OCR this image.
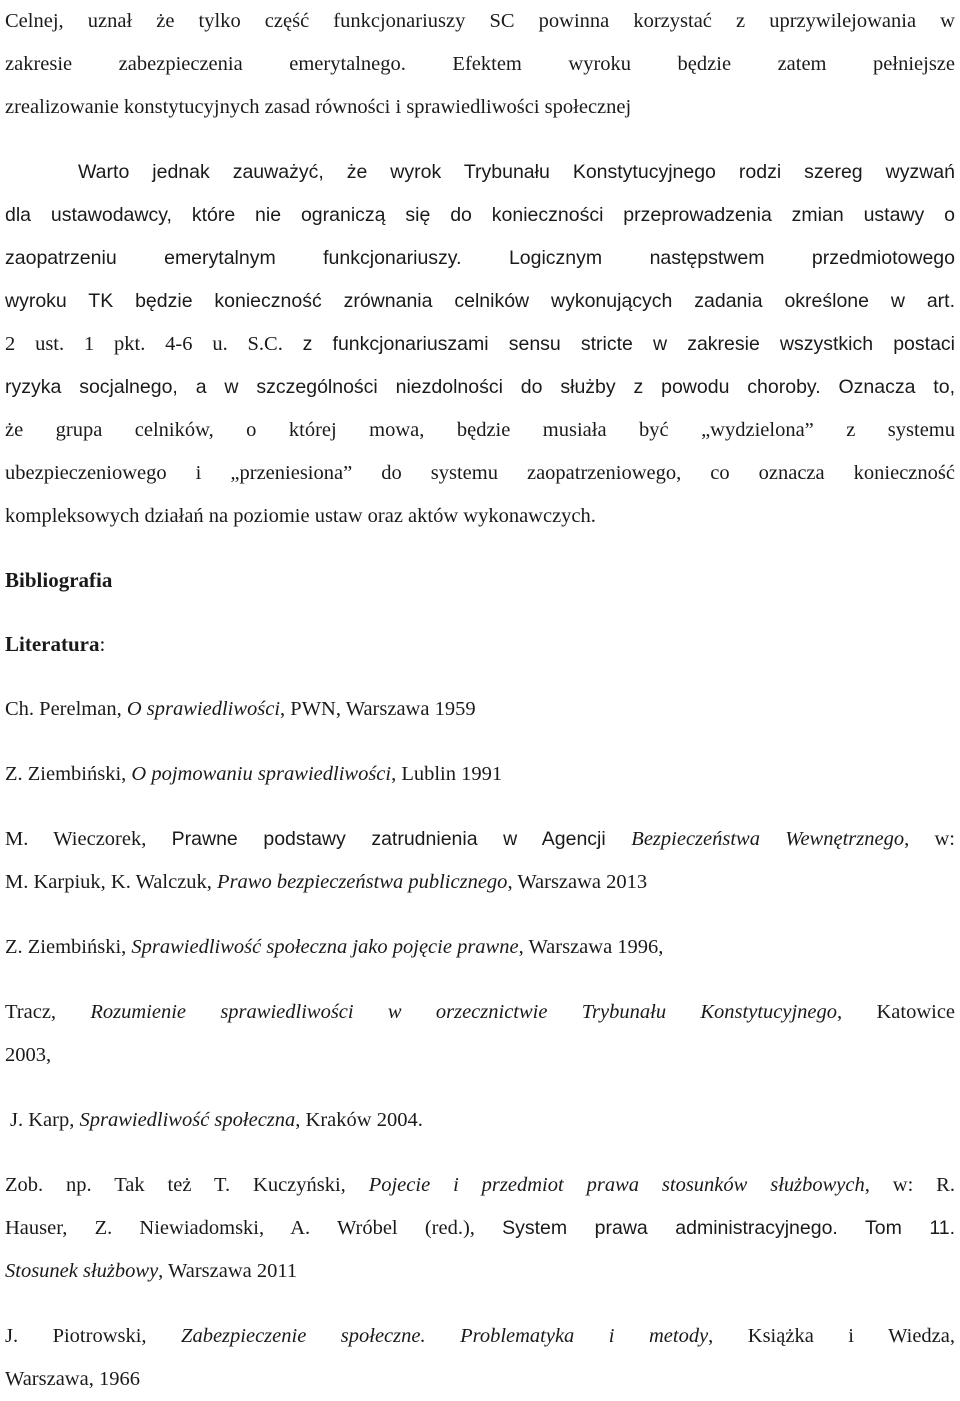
Celnej, uznał że tylko część funkcjonariuszy SC powinna korzystać z uprzywilejowania w
zakresie zabezpieczenia emerytalnego. Efektem wyroku będzie zatem pełniejsze
zrealizowanie konstytucyjnych zasad równości i sprawiedliwości społecznej
Warto jednak zauważyć, że wyrok Trybunału Konstytucyjnego rodzi szereg wyzwań
dla ustawodawcy, które nie ograniczą się do konieczności przeprowadzenia zmian ustawy o
zaopatrzeniu emerytalnym funkcjonariuszy. Logicznym następstwem przedmiotowego
wyroku TK będzie konieczność zrównania celników wykonujących zadania określone w art.
2 ust. 1 pkt. 4-6 u. S.C. z funkcjonariuszami sensu stricte w zakresie wszystkich postaci
ryzyka socjalnego, a w szczególności niezdolności do służby z powodu choroby. Oznacza to,
że grupa celników, o której mowa, będzie musiała być „wydzielona” z systemu
ubezpieczeniowego i „przeniesiona” do systemu zaopatrzeniowego, co oznacza konieczność
kompleksowych działań na poziomie ustaw oraz aktów wykonawczych.
Bibliografia
Literatura:
Ch. Perelman, O sprawiedliwości, PWN, Warszawa 1959
Z. Ziembiński, O pojmowaniu sprawiedliwości, Lublin 1991
M. Wieczorek, Prawne podstawy zatrudnienia w Agencji Bezpieczeństwa Wewnętrznego, w:
M. Karpiuk, K. Walczuk, Prawo bezpieczeństwa publicznego, Warszawa 2013
Z. Ziembiński, Sprawiedliwość społeczna jako pojęcie prawne, Warszawa 1996,
Tracz, Rozumienie sprawiedliwości w orzecznictwie Trybunału Konstytucyjnego, Katowice
2003,
J. Karp, Sprawiedliwość społeczna, Kraków 2004.
Zob. np. Tak też T. Kuczyński, Pojecie i przedmiot prawa stosunków służbowych, w: R.
Hauser, Z. Niewiadomski, A. Wróbel (red.), System prawa administracyjnego. Tom 11.
Stosunek służbowy, Warszawa 2011
J. Piotrowski, Zabezpieczenie społeczne. Problematyka i metody, Książka i Wiedza,
Warszawa, 1966
